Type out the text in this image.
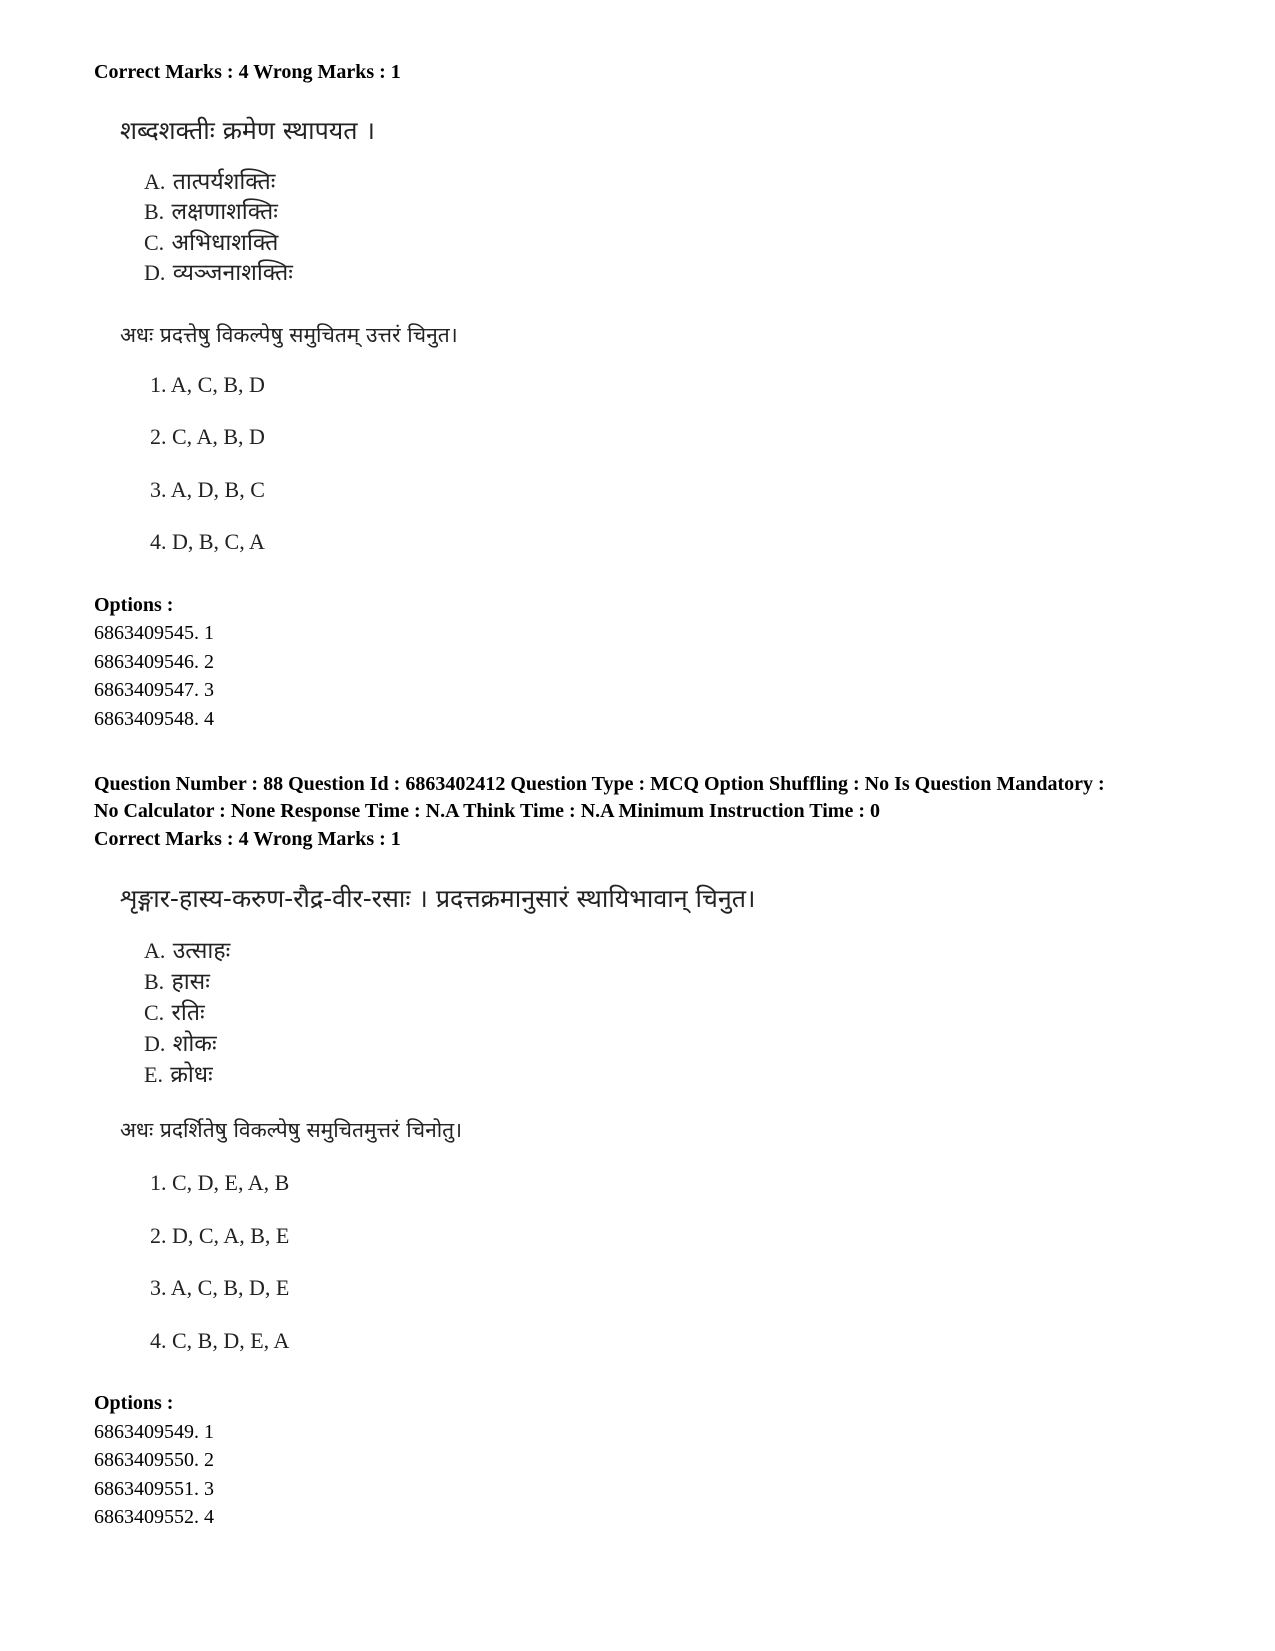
Correct Marks : 4 Wrong Marks : 1
शब्दशक्तीः क्रमेण स्थापयत ।
A. तात्पर्यशक्तिः
B. लक्षणाशक्तिः
C. अभिधाशक्ति
D. व्यञ्जनाशक्तिः
अधः प्रदत्तेषु विकल्पेषु समुचितम् उत्तरं चिनुत।
1. A, C, B, D
2. C, A, B, D
3. A, D, B, C
4. D, B, C, A
Options :
6863409545. 1
6863409546. 2
6863409547. 3
6863409548. 4
Question Number : 88 Question Id : 6863402412 Question Type : MCQ Option Shuffling : No Is Question Mandatory :
No Calculator : None Response Time : N.A Think Time : N.A Minimum Instruction Time : 0
Correct Marks : 4 Wrong Marks : 1
शृङ्गार-हास्य-करुण-रौद्र-वीर-रसाः । प्रदत्तक्रमानुसारं स्थायिभावान् चिनुत।
A. उत्साहः
B. हासः
C. रतिः
D. शोकः
E. क्रोधः
अधः प्रदर्शितेषु विकल्पेषु समुचितमुत्तरं चिनोतु।
1. C, D, E, A, B
2. D, C, A, B, E
3. A, C, B, D, E
4. C, B, D, E, A
Options :
6863409549. 1
6863409550. 2
6863409551. 3
6863409552. 4
